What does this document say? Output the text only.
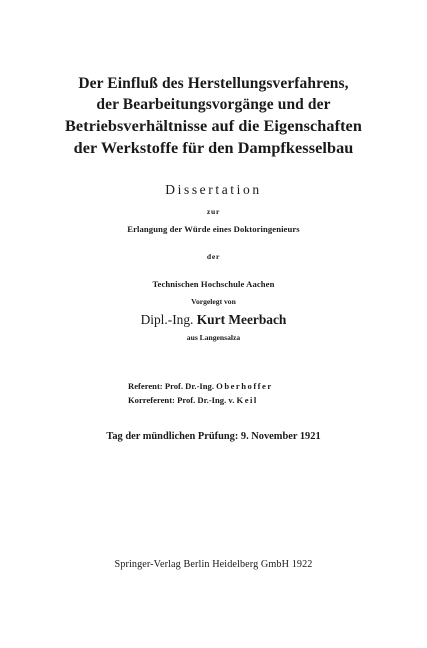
Der Einfluß des Herstellungsverfahrens,
der Bearbeitungsvorgänge und der
Betriebsverhältnisse auf die Eigenschaften
der Werkstoffe für den Dampfkesselbau
Dissertation
zur
Erlangung der Würde eines Doktoringenieurs
der
Technischen Hochschule Aachen
Vorgelegt von
Dipl.-Ing. Kurt Meerbach
aus Langensalza
Referent: Prof. Dr.-Ing. Oberhoffer
Korreferent: Prof. Dr.-Ing. v. Keil
Tag der mündlichen Prüfung: 9. November 1921
Springer-Verlag Berlin Heidelberg GmbH 1922
